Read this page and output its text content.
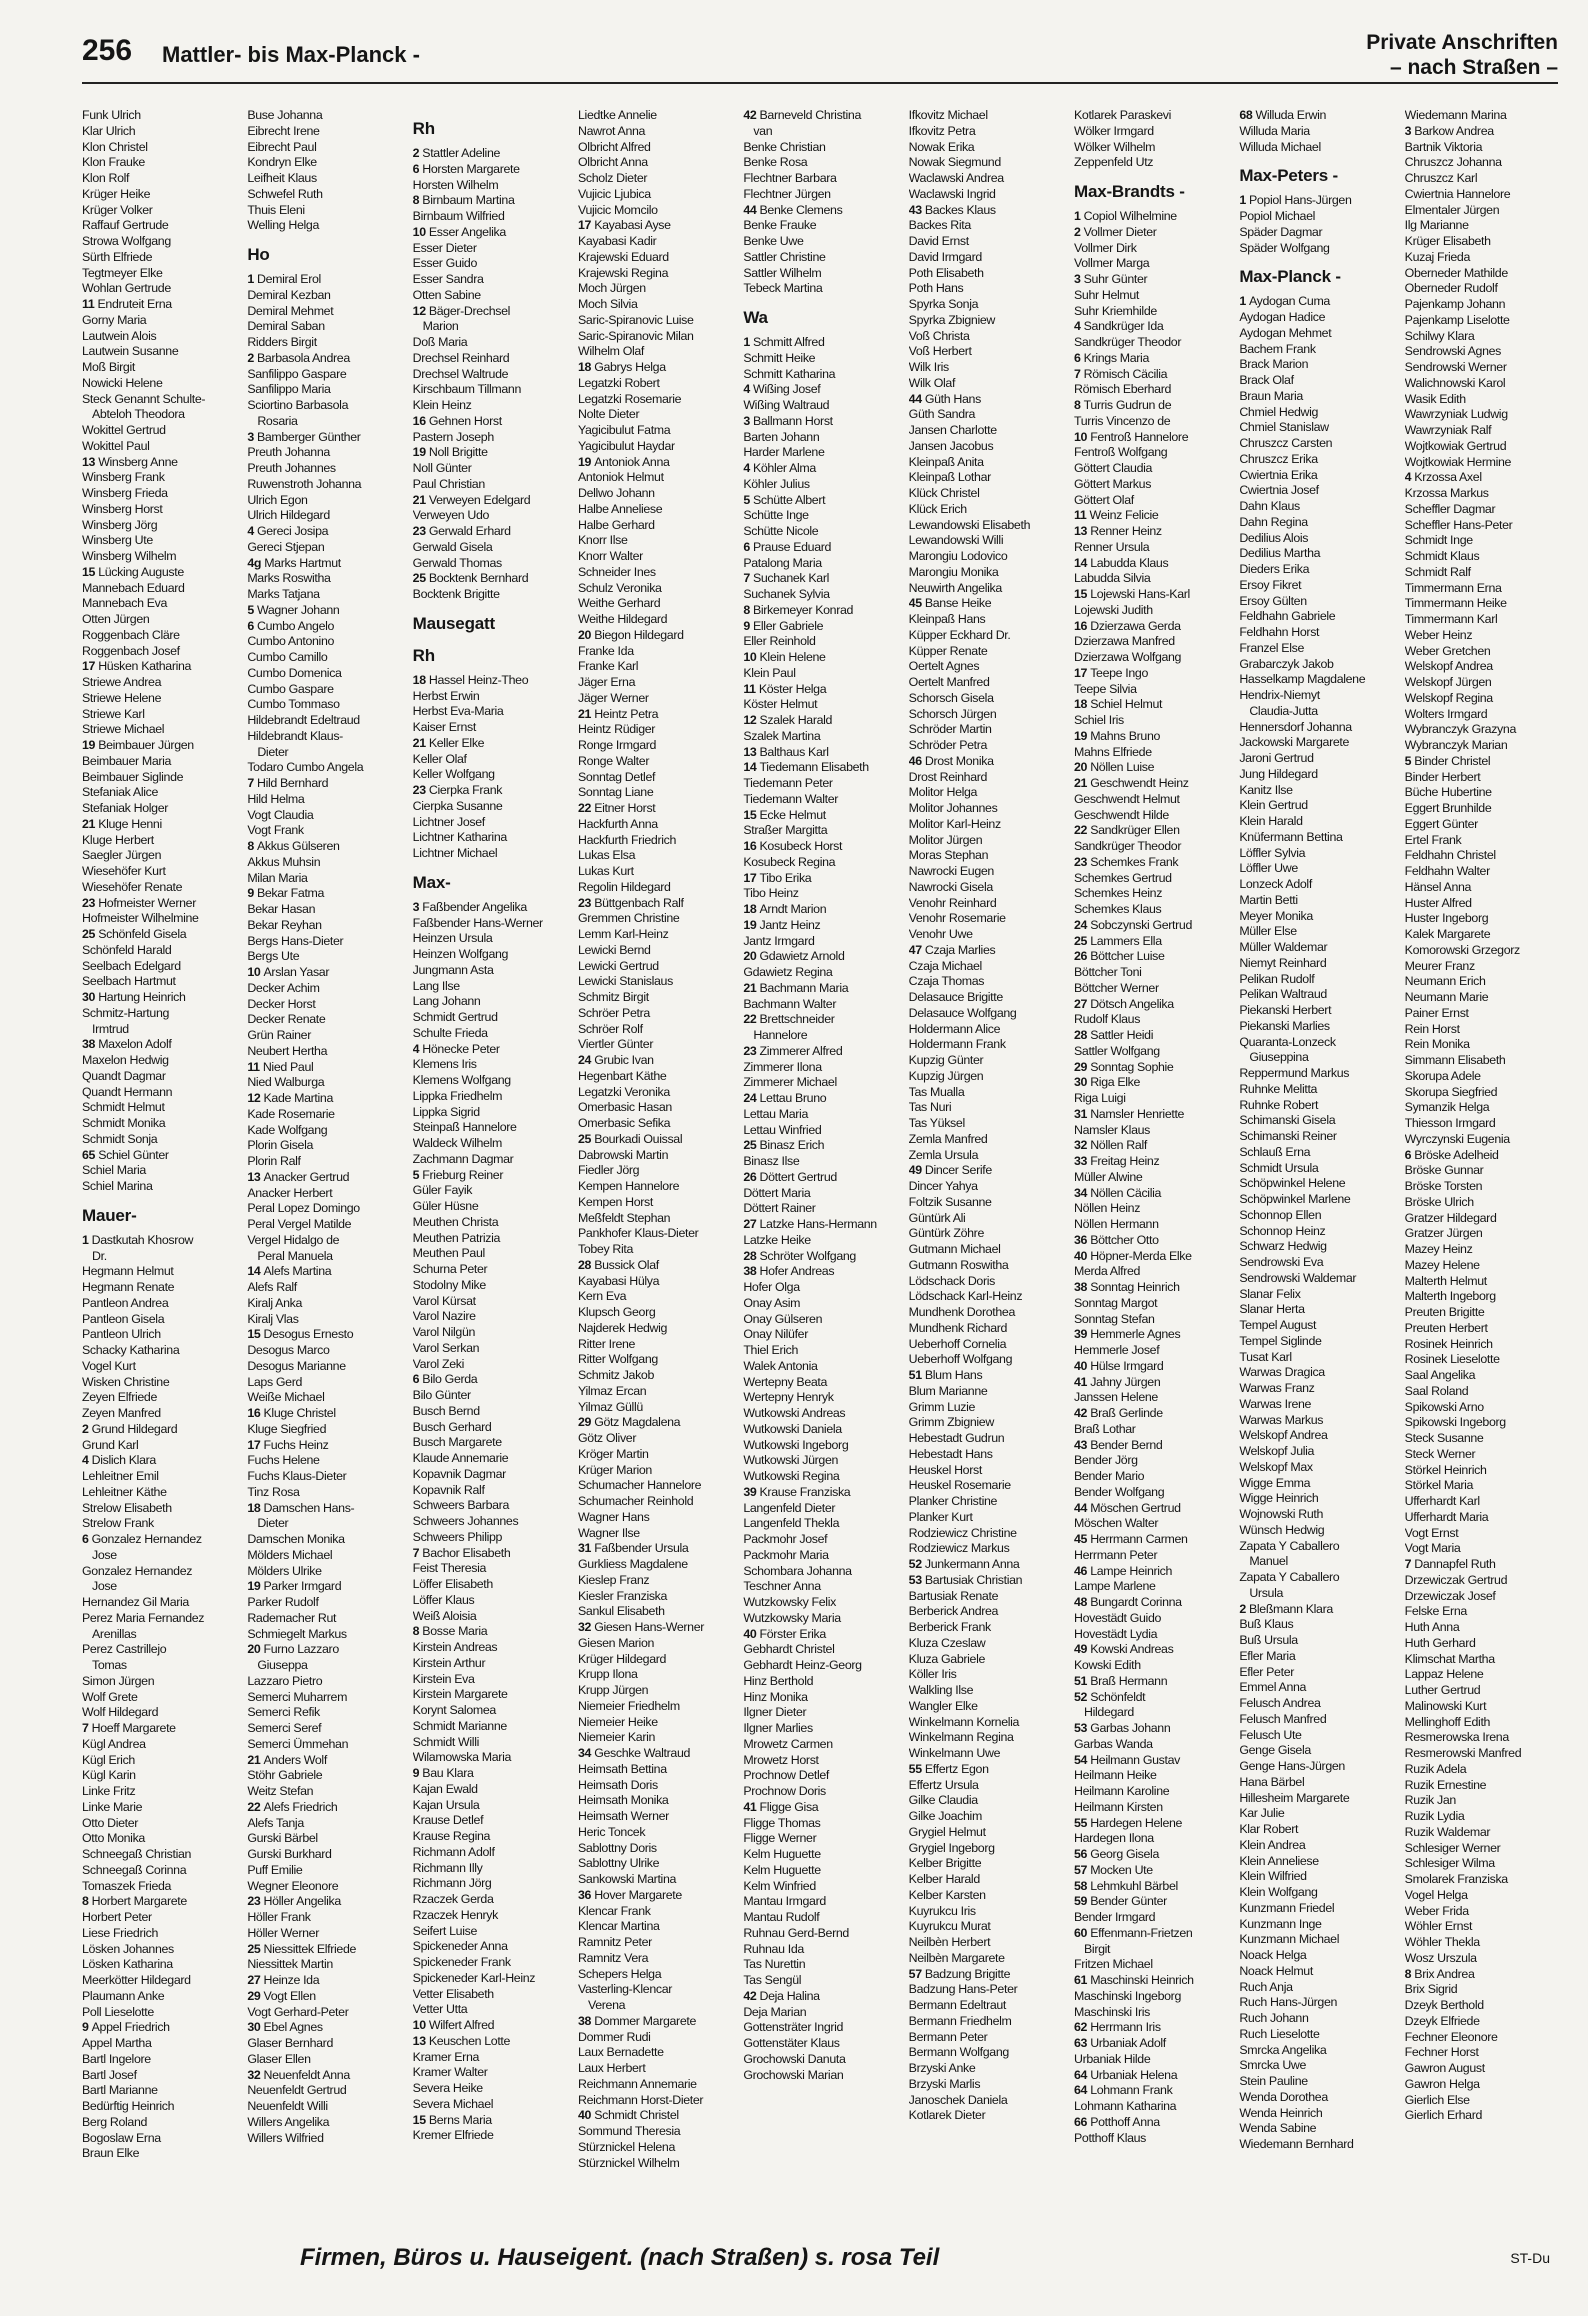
256 Mattler- bis Max-Planck -	Private Anschriften
– nach Straßen –
Funk Ulrich
Klar Ulrich
Klon Christel
Klon Frauke
Klon Rolf
Krüger Heike
Krüger Volker
Raffauf Gertrude
Strowa Wolfgang
Sürth Elfriede
Tegtmeyer Elke
Wohlan Gertrude
11 Endruteit Erna
Gorny Maria
Lautwein Alois
Lautwein Susanne
Moß Birgit
Nowicki Helene
Steck Genannt Schulte-
Abteloh Theodora
Wokittel Gertrud
Wokittel Paul
13 Winsberg Anne
Winsberg Frank
Winsberg Frieda
Winsberg Horst
Winsberg Jörg
Winsberg Ute
Winsberg Wilhelm
15 Lücking Auguste
Mannebach Eduard
Mannebach Eva
Otten Jürgen
Roggenbach Cläre
Roggenbach Josef
17 Hüsken Katharina
Striewe Andrea
Striewe Helene
Striewe Karl
Striewe Michael
19 Beimbauer Jürgen
Beimbauer Maria
Beimbauer Siglinde
Stefaniak Alice
Stefaniak Holger
21 Kluge Henni
Kluge Herbert
Saegler Jürgen
Wiesehöfer Kurt
Wiesehöfer Renate
23 Hofmeister Werner
Hofmeister Wilhelmine
25 Schönfeld Gisela
Schönfeld Harald
Seelbach Edelgard
Seelbach Hartmut
30 Hartung Heinrich
Schmitz-Hartung
Irmtrud
38 Maxelon Adolf
Maxelon Hedwig
Quandt Dagmar
Quandt Hermann
Schmidt Helmut
Schmidt Monika
Schmidt Sonja
65 Schiel Günter
Schiel Maria
Schiel Marina
Mauer-
1 Dastkutah Khosrow
Dr.
Hegmann Helmut
Hegmann Renate
Pantleon Andrea
Pantleon Gisela
Pantleon Ulrich
Schacky Katharina
Vogel Kurt
Wisken Christine
Zeyen Elfriede
Zeyen Manfred
2 Grund Hildegard
Grund Karl
4 Dislich Klara
Lehleitner Emil
Lehleitner Käthe
Strelow Elisabeth
Strelow Frank
6 Gonzalez Hernandez
Jose
Gonzalez Hernandez
Jose
Hernandez Gil Maria
Perez Maria Fernandez
Arenillas
Perez Castrillejo
Tomas
Simon Jürgen
Wolf Grete
Wolf Hildegard
7 Hoeff Margarete
Kügl Andrea
Kügl Erich
Kügl Karin
Linke Fritz
Linke Marie
Otto Dieter
Otto Monika
Schneegaß Christian
Schneegaß Corinna
Tomaszek Frieda
8 Horbert Margarete
Horbert Peter
Liese Friedrich
Lösken Johannes
Lösken Katharina
Meerkötter Hildegard
Plaumann Anke
Poll Lieselotte
9 Appel Friedrich
Appel Martha
Bartl Ingelore
Bartl Josef
Bartl Marianne
Bedürftig Heinrich
Berg Roland
Bogoslaw Erna
Braun Elke
Buse Johanna
Eibrecht Irene
Eibrecht Paul
Kondryn Elke
Leifheit Klaus
Schwefel Ruth
Thuis Eleni
Welling Helga
Ho
1 Demiral Erol
Demiral Kezban
Demiral Mehmet
Demiral Saban
Ridders Birgit
2 Barbasola Andrea
Sanfilippo Gaspare
Sanfilippo Maria
Sciortino Barbasola
Rosaria
3 Bamberger Günther
Preuth Johanna
Preuth Johannes
Ruwenstroth Johanna
Ulrich Egon
Ulrich Hildegard
4 Gereci Josipa
Gereci Stjepan
4g Marks Hartmut
Marks Roswitha
Marks Tatjana
5 Wagner Johann
6 Cumbo Angelo
Cumbo Antonino
Cumbo Camillo
Cumbo Domenica
Cumbo Gaspare
Cumbo Tommaso
Hildebrandt Edeltraud
Hildebrandt Klaus-
Dieter
Todaro Cumbo Angela
7 Hild Bernhard
Hild Helma
Vogt Claudia
Vogt Frank
8 Akkus Gülseren
Akkus Muhsin
Milan Maria
9 Bekar Fatma
Bekar Hasan
Bekar Reyhan
Bergs Hans-Dieter
Bergs Ute
10 Arslan Yasar
Decker Achim
Decker Horst
Decker Renate
Grün Rainer
Neubert Hertha
11 Nied Paul
Nied Walburga
12 Kade Martina
Kade Rosemarie
Kade Wolfgang
Plorin Gisela
Plorin Ralf
13 Anacker Gertrud
Anacker Herbert
Peral Lopez Domingo
Peral Vergel Matilde
Vergel Hidalgo de
Peral Manuela
14 Alefs Martina
Alefs Ralf
Kiralj Anka
Kiralj Vlas
15 Desogus Ernesto
Desogus Marco
Desogus Marianne
Laps Gerd
Weiße Michael
16 Kluge Christel
Kluge Siegfried
17 Fuchs Heinz
Fuchs Helene
Fuchs Klaus-Dieter
Tinz Rosa
18 Damschen Hans-
Dieter
Damschen Monika
Mölders Michael
Mölders Ulrike
19 Parker Irmgard
Parker Rudolf
Rademacher Rut
Schmiegelt Markus
20 Furno Lazzaro
Giuseppa
Lazzaro Pietro
Semerci Muharrem
Semerci Refik
Semerci Seref
Semerci Ümmehan
21 Anders Wolf
Stöhr Gabriele
Weitz Stefan
22 Alefs Friedrich
Alefs Tanja
Gurski Bärbel
Gurski Burkhard
Puff Emilie
Wegner Eleonore
23 Höller Angelika
Höller Frank
Höller Werner
25 Niessittek Elfriede
Niessittek Martin
27 Heinze Ida
29 Vogt Ellen
Vogt Gerhard-Peter
30 Ebel Agnes
Glaser Bernhard
Glaser Ellen
32 Neuenfeldt Anna
Neuenfeldt Gertrud
Neuenfeldt Willi
Willers Angelika
Willers Wilfried
Rh
2 Stattler Adeline
6 Horsten Margarete
Horsten Wilhelm
8 Birnbaum Martina
Birnbaum Wilfried
10 Esser Angelika
Esser Dieter
Esser Guido
Esser Sandra
Otten Sabine
12 Bäger-Drechsel
Marion
Doß Maria
Drechsel Reinhard
Drechsel Waltrude
Kirschbaum Tillmann
Klein Heinz
16 Gehnen Horst
Pastern Joseph
19 Noll Brigitte
Noll Günter
Paul Christian
21 Verweyen Edelgard
Verweyen Udo
23 Gerwald Erhard
Gerwald Gisela
Gerwald Thomas
25 Bocktenk Bernhard
Bocktenk Brigitte
Mausegatt
Rh
18 Hassel Heinz-Theo
Herbst Erwin
Herbst Eva-Maria
Kaiser Ernst
21 Keller Elke
Keller Olaf
Keller Wolfgang
23 Cierpka Frank
Cierpka Susanne
Lichtner Josef
Lichtner Katharina
Lichtner Michael
Max-
3 Faßbender Angelika
Faßbender Hans-Werner
Heinzen Ursula
Heinzen Wolfgang
Jungmann Asta
Lang Ilse
Lang Johann
Schmidt Gertrud
Schulte Frieda
4 Hönecke Peter
Klemens Iris
Klemens Wolfgang
Lippka Friedhelm
Lippka Sigrid
Steinpaß Hannelore
Waldeck Wilhelm
Zachmann Dagmar
5 Frieburg Reiner
Güler Fayik
Güler Hüsne
Meuthen Christa
Meuthen Patrizia
Meuthen Paul
Schurna Peter
Stodolny Mike
Varol Kürsat
Varol Nazire
Varol Nilgün
Varol Serkan
Varol Zeki
6 Bilo Gerda
Bilo Günter
Busch Bernd
Busch Gerhard
Busch Margarete
Klaude Annemarie
Kopavnik Dagmar
Kopavnik Ralf
Schweers Barbara
Schweers Johannes
Schweers Philipp
7 Bachor Elisabeth
Feist Theresia
Löffer Elisabeth
Löffer Klaus
Weiß Aloisia
8 Bosse Maria
Kirstein Andreas
Kirstein Arthur
Kirstein Eva
Kirstein Margarete
Korynt Salomea
Schmidt Marianne
Schmidt Willi
Wilamowska Maria
9 Bau Klara
Kajan Ewald
Kajan Ursula
Krause Detlef
Krause Regina
Richmann Adolf
Richmann Illy
Richmann Jörg
Rzaczek Gerda
Rzaczek Henryk
Seifert Luise
Spickeneder Anna
Spickeneder Frank
Spickeneder Karl-Heinz
Vetter Elisabeth
Vetter Utta
10 Wilfert Alfred
13 Keuschen Lotte
Kramer Erna
Kramer Walter
Severa Heike
Severa Michael
15 Berns Maria
Kremer Elfriede
Liedtke Annelie
Nawrot Anna
Olbricht Alfred
Olbricht Anna
Scholz Dieter
Vujicic Ljubica
Vujicic Momcilo
17 Kayabasi Ayse
Kayabasi Kadir
Krajewski Eduard
Krajewski Regina
Moch Jürgen
Moch Silvia
Saric-Spiranovic Luise
Saric-Spiranovic Milan
Wilhelm Olaf
18 Gabrys Helga
Legatzki Robert
Legatzki Rosemarie
Nolte Dieter
Yagicibulut Fatma
Yagicibulut Haydar
19 Antoniok Anna
Antoniok Helmut
Dellwo Johann
Halbe Anneliese
Halbe Gerhard
Knorr Ilse
Knorr Walter
Schneider Ines
Schulz Veronika
Weithe Gerhard
Weithe Hildegard
20 Biegon Hildegard
Franke Ida
Franke Karl
Jäger Erna
Jäger Werner
21 Heintz Petra
Heintz Rüdiger
Ronge Irmgard
Ronge Walter
Sonntag Detlef
Sonntag Liane
22 Eitner Horst
Hackfurth Anna
Hackfurth Friedrich
Lukas Elsa
Lukas Kurt
Regolin Hildegard
23 Büttgenbach Ralf
Gremmen Christine
Lemm Karl-Heinz
Lewicki Bernd
Lewicki Gertrud
Lewicki Stanislaus
Schmitz Birgit
Schröer Petra
Schröer Rolf
Viertler Günter
24 Grubic Ivan
Hegenbart Käthe
Legatzki Veronika
Omerbasic Hasan
Omerbasic Sefika
25 Bourkadi Ouissal
Dabrowski Martin
Fiedler Jörg
Kempen Hannelore
Kempen Horst
Meßfeldt Stephan
Pankhofer Klaus-Dieter
Tobey Rita
28 Bussick Olaf
Kayabasi Hülya
Kern Eva
Klupsch Georg
Najderek Hedwig
Ritter Irene
Ritter Wolfgang
Schmitz Jakob
Yilmaz Ercan
Yilmaz Güllü
29 Götz Magdalena
Götz Oliver
Kröger Martin
Krüger Marion
Schumacher Hannelore
Schumacher Reinhold
Wagner Hans
Wagner Ilse
31 Faßbender Ursula
Gurkliess Magdalene
Kieslер Franz
Kiesler Franziska
Sankul Elisabeth
32 Giesen Hans-Werner
Giesen Marion
Krüger Hildegard
Krupp Ilona
Krupp Jürgen
Niemeier Friedhelm
Niemeier Heike
Niemeier Karin
34 Geschke Waltraud
Heimsath Bettina
Heimsath Doris
Heimsath Monika
Heimsath Werner
Heric Toncek
Sablottny Doris
Sablottny Ulrike
Sankowski Martina
36 Hover Margarete
Klencar Frank
Klencar Martina
Ramnitz Peter
Ramnitz Vera
Schepers Helga
Vasterling-Klencar
Verena
38 Dommer Margarete
Dommer Rudi
Laux Bernadette
Laux Herbert
Reichmann Annemarie
Reichmann Horst-Dieter
40 Schmidt Christel
Sommund Theresia
Stürznickel Helena
Stürznickel Wilhelm
42 Barneveld Christina
van
Benke Christian
Benke Rosa
Flechtner Barbara
Flechtner Jürgen
44 Benke Clemens
Benke Frauke
Benke Uwe
Sattler Christine
Sattler Wilhelm
Tebeck Martina
Wa
1 Schmitt Alfred
Schmitt Heike
Schmitt Katharina
4 Wißing Josef
Wißing Waltraud
3 Ballmann Horst
Barten Johann
Harder Marlene
4 Köhler Alma
Köhler Julius
5 Schütte Albert
Schütte Inge
Schütte Nicole
6 Prause Eduard
Patalong Maria
7 Suchanek Karl
Suchanek Sylvia
8 Birkemeyer Konrad
9 Eller Gabriele
Eller Reinhold
10 Klein Helene
Klein Paul
11 Köster Helga
Köster Helmut
12 Szalek Harald
Szalek Martina
13 Balthaus Karl
14 Tiedemann Elisabeth
Tiedemann Peter
Tiedemann Walter
15 Ecke Helmut
Straßer Margitta
16 Kosubeck Horst
Kosubeck Regina
17 Tibo Erika
Tibo Heinz
18 Arndt Marion
19 Jantz Heinz
Jantz Irmgard
20 Gdawietz Arnold
Gdawietz Regina
21 Bachmann Maria
Bachmann Walter
22 Brettschneider
Hannelore
23 Zimmerer Alfred
Zimmerer Ilona
Zimmerer Michael
24 Lettau Bruno
Lettau Maria
Lettau Winfried
25 Binasz Erich
Binasz Ilse
26 Döttert Gertrud
Döttert Maria
Döttert Rainer
27 Latzke Hans-Hermann
Latzke Heike
28 Schröter Wolfgang
38 Hofer Andreas
Hofer Olga
Onay Asim
Onay Gülseren
Onay Nilüfer
Thiel Erich
Walek Antonia
Wertepny Beata
Wertepny Henryk
Wutkowski Andreas
Wutkowski Daniela
Wutkowski Ingeborg
Wutkowski Jürgen
Wutkowski Regina
39 Krause Franziska
Langenfeld Dieter
Langenfeld Thekla
Packmohr Josef
Packmohr Maria
Schombara Johanna
Teschner Anna
Wutzkowsky Felix
Wutzkowsky Maria
40 Förster Erika
Gebhardt Christel
Gebhardt Heinz-Georg
Hinz Berthold
Hinz Monika
Ilgner Dieter
Ilgner Marlies
Mrowetz Carmen
Mrowetz Horst
Prochnow Detlef
Prochnow Doris
41 Fligge Gisa
Fligge Thomas
Fligge Werner
Kelm Huguette
Kelm Huguette
Kelm Winfried
Mantau Irmgard
Mantau Rudolf
Ruhnau Gerd-Bernd
Ruhnau Ida
Tas Nurettin
Tas Sengül
42 Deja Halina
Deja Marian
Gottensträter Ingrid
Gottenstäter Klaus
Grochowski Danuta
Grochowski Marian
Ifkovitz Michael
Ifkovitz Petra
Nowak Erika
Nowak Siegmund
Waclawski Andrea
Waclawski Ingrid
43 Backes Klaus
Backes Rita
David Ernst
David Irmgard
Poth Elisabeth
Poth Hans
Spyrka Sonja
Spyrka Zbigniew
Voß Christa
Voß Herbert
Wilk Iris
Wilk Olaf
44 Güth Hans
Güth Sandra
Jansen Charlotte
Jansen Jacobus
Kleinpaß Anita
Kleinpaß Lothar
Klück Christel
Klück Erich
Lewandowski Elisabeth
Lewandowski Willi
Marongiu Lodovico
Marongiu Monika
Neuwirth Angelika
45 Banse Heike
Kleinpaß Hans
Küpper Eckhard Dr.
Küpper Renate
Oertelt Agnes
Oertelt Manfred
Schorsch Gisela
Schorsch Jürgen
Schröder Martin
Schröder Petra
46 Drost Monika
Drost Reinhard
Molitor Helga
Molitor Johannes
Molitor Karl-Heinz
Molitor Jürgen
Moras Stephan
Nawrocki Eugen
Nawrocki Gisela
Venohr Reinhard
Venohr Rosemarie
Venohr Uwe
47 Czaja Marlies
Czaja Michael
Czaja Thomas
Delasauce Brigitte
Delasauce Wolfgang
Holdermann Alice
Holdermann Frank
Kupzig Günter
Kupzig Jürgen
Tas Mualla
Tas Nuri
Tas Yüksel
Zemla Manfred
Zemla Ursula
49 Dincer Serife
Dincer Yahya
Foltzik Susanne
Güntürk Ali
Güntürk Zöhre
Gutmann Michael
Gutmann Roswitha
Lödschack Doris
Lödschack Karl-Heinz
Mundhenk Dorothea
Mundhenk Richard
Ueberhoff Cornelia
Ueberhoff Wolfgang
51 Blum Hans
Blum Marianne
Grimm Luzie
Grimm Zbigniew
Hebestadt Gudrun
Hebestadt Hans
Heuskel Horst
Heuskel Rosemarie
Planker Christine
Planker Kurt
Rodziewicz Christine
Rodziewicz Markus
52 Junkermann Anna
53 Bartusiak Christian
Bartusiak Renate
Berberick Andrea
Berberick Frank
Kluza Czeslaw
Kluza Gabriele
Köller Iris
Walkling Ilse
Wangler Elke
Winkelmann Kornelia
Winkelmann Regina
Winkelmann Uwe
55 Effertz Egon
Effertz Ursula
Gilke Claudia
Gilke Joachim
Grygiel Helmut
Grygiel Ingeborg
Kelber Brigitte
Kelber Harald
Kelber Karsten
Kuyrukcu Iris
Kuyrukcu Murat
Neilbèn Herbert
Neilbèn Margarete
57 Badzung Brigitte
Badzung Hans-Peter
Bermann Edeltraut
Bermann Friedhelm
Bermann Peter
Bermann Wolfgang
Brzyski Anke
Brzyski Marlis
Janoschek Daniela
Kotlarek Dieter
Kotlarek Paraskevi
Wölker Irmgard
Wölker Wilhelm
Zeppenfeld Utz
Max-Brandts -
1 Copiol Wilhelmine
2 Vollmer Dieter
Vollmer Dirk
Vollmer Marga
3 Suhr Günter
Suhr Helmut
Suhr Kriemhilde
4 Sandkrüger Ida
Sandkrüger Theodor
6 Krings Maria
7 Römisch Cäcilia
Römisch Eberhard
8 Turris Gudrun de
Turris Vincenzo de
10 Fentroß Hannelore
Fentroß Wolfgang
Göttert Claudia
Göttert Markus
Göttert Olaf
11 Weinz Felicie
13 Renner Heinz
Renner Ursula
14 Labudda Klaus
Labudda Silvia
15 Lojewski Hans-Karl
Lojewski Judith
16 Dzierzawa Gerda
Dzierzawa Manfred
Dzierzawa Wolfgang
17 Teepe Ingo
Teepe Silvia
18 Schiel Helmut
Schiel Iris
19 Mahns Bruno
Mahns Elfriede
20 Nöllen Luise
21 Geschwendt Heinz
Geschwendt Helmut
Geschwendt Hilde
22 Sandkrüger Ellen
Sandkrüger Theodor
23 Schemkes Frank
Schemkes Gertrud
Schemkes Heinz
Schemkes Klaus
24 Sobczynski Gertrud
25 Lammers Ella
26 Böttcher Luise
Böttcher Toni
Böttcher Werner
27 Dötsch Angelika
Rudolf Klaus
28 Sattler Heidi
Sattler Wolfgang
29 Sonntag Sophie
30 Riga Elke
Riga Luigi
31 Namsler Henriette
Namsler Klaus
32 Nöllen Ralf
33 Freitag Heinz
Müller Alwine
34 Nöllen Cäcilia
Nöllen Heinz
Nöllen Hermann
36 Böttcher Otto
40 Höpner-Merda Elke
Merda Alfred
38 Sonntag Heinrich
Sonntag Margot
Sonntag Stefan
39 Hemmerle Agnes
Hemmerle Josef
40 Hülse Irmgard
41 Jahny Jürgen
Janssen Helene
42 Braß Gerlinde
Braß Lothar
43 Bender Bernd
Bender Jörg
Bender Mario
Bender Wolfgang
44 Möschen Gertrud
Möschen Walter
45 Herrmann Carmen
Herrmann Peter
46 Lampe Heinrich
Lampe Marlene
48 Bungardt Corinna
Hovestädt Guido
Hovestädt Lydia
49 Kowski Andreas
Kowski Edith
51 Braß Hermann
52 Schönfeldt
Hildegard
53 Garbas Johann
Garbas Wanda
54 Heilmann Gustav
Heilmann Heike
Heilmann Karoline
Heilmann Kirsten
55 Hardegen Helene
Hardegen Ilona
56 Georg Gisela
57 Mocken Ute
58 Lehmkuhl Bärbel
59 Bender Günter
Bender Irmgard
60 Effenmann-Frietzen
Birgit
Fritzen Michael
61 Maschinski Heinrich
Maschinski Ingeborg
Maschinski Iris
62 Herrmann Iris
63 Urbaniak Adolf
Urbaniak Hilde
64 Urbaniak Helena
64 Lohmann Frank
Lohmann Katharina
66 Potthoff Anna
Potthoff Klaus
68 Willuda Erwin
Willuda Maria
Willuda Michael
Max-Peters -
1 Popiol Hans-Jürgen
Popiol Michael
Späder Dagmar
Späder Wolfgang
Max-Planck -
1 Aydogan Cuma
Aydogan Hadice
Aydogan Mehmet
Bachem Frank
Brack Marion
Brack Olaf
Braun Maria
Chmiel Hedwig
Chmiel Stanislaw
Chruszcz Carsten
Chruszcz Erika
Cwiertnia Erika
Cwiertnia Josef
Dahn Klaus
Dahn Regina
Dedilius Alois
Dedilius Martha
Dieders Erika
Ersoy Fikret
Ersoy Gülten
Feldhahn Gabriele
Feldhahn Horst
Franzel Else
Grabarczyk Jakob
Hasselkamp Magdalene
Hendrix-Niemyt
Claudia-Jutta
Hennersdorf Johanna
Jackowski Margarete
Jaroni Gertrud
Jung Hildegard
Kanitz Ilse
Klein Gertrud
Klein Harald
Knüfermann Bettina
Löffler Sylvia
Löffler Uwe
Lonzeck Adolf
Martin Betti
Meyer Monika
Müller Else
Müller Waldemar
Niemyt Reinhard
Pelikan Rudolf
Pelikan Waltraud
Piekanski Herbert
Piekanski Marlies
Quaranta-Lonzeck
Giuseppina
Reppermund Markus
Ruhnke Melitta
Ruhnke Robert
Schimanski Gisela
Schimanski Reiner
Schlauß Erna
Schmidt Ursula
Schöpwinkel Helene
Schöpwinkel Marlene
Schonnop Ellen
Schonnop Heinz
Schwarz Hedwig
Sendrowski Eva
Sendrowski Waldemar
Slanar Felix
Slanar Herta
Tempel August
Tempel Siglinde
Tusat Karl
Warwas Dragica
Warwas Franz
Warwas Irene
Warwas Markus
Welskopf Andrea
Welskopf Julia
Welskopf Max
Wigge Emma
Wigge Heinrich
Wojnowski Ruth
Wünsch Hedwig
Zapata Y Caballero
Manuel
Zapata Y Caballero
Ursula
2 Bleßmann Klara
Buß Klaus
Buß Ursula
Efler Maria
Efler Peter
Emmel Anna
Felusch Andrea
Felusch Manfred
Felusch Ute
Genge Gisela
Genge Hans-Jürgen
Hana Bärbel
Hillesheim Margarete
Kar Julie
Klar Robert
Klein Andrea
Klein Anneliese
Klein Wilfried
Klein Wolfgang
Kunzmann Friedel
Kunzmann Inge
Kunzmann Michael
Noack Helga
Noack Helmut
Ruch Anja
Ruch Hans-Jürgen
Ruch Johann
Ruch Lieselotte
Smrcka Angelika
Smrcka Uwe
Stein Pauline
Wenda Dorothea
Wenda Heinrich
Wenda Sabine
Wiedemann Bernhard
Wiedemann Marina
3 Barkow Andrea
Bartnik Viktoria
Chruszcz Johanna
Chruszcz Karl
Cwiertnia Hannelore
Elmentaler Jürgen
Ilg Marianne
Krüger Elisabeth
Kuzaj Frieda
Oberneder Mathilde
Oberneder Rudolf
Pajenkamp Johann
Pajenkamp Liselotte
Schilwy Klara
Sendrowski Agnes
Sendrowski Werner
Walichnowski Karol
Wasik Edith
Wawrzyniak Ludwig
Wawrzyniak Ralf
Wojtkowiak Gertrud
Wojtkowiak Hermine
4 Krzossa Axel
Krzossa Markus
Scheffler Dagmar
Scheffler Hans-Peter
Schmidt Inge
Schmidt Klaus
Schmidt Ralf
Timmermann Erna
Timmermann Heike
Timmermann Karl
Weber Heinz
Weber Gretchen
Welskopf Andrea
Welskopf Jürgen
Welskopf Regina
Wolters Irmgard
Wybranczyk Grazyna
Wybranczyk Marian
5 Binder Christel
Binder Herbert
Büche Hubertine
Eggert Brunhilde
Eggert Günter
Ertel Frank
Feldhahn Christel
Feldhahn Walter
Hänsel Anna
Huster Alfred
Huster Ingeborg
Kalek Margarete
Komorowski Grzegorz
Meurer Franz
Neumann Erich
Neumann Marie
Painer Ernst
Rein Horst
Rein Monika
Simmann Elisabeth
Skorupa Adele
Skorupa Siegfried
Symanzik Helga
Thiesson Irmgard
Wyrczynski Eugenia
6 Bröske Adelheid
Bröske Gunnar
Bröske Torsten
Bröske Ulrich
Gratzer Hildegard
Gratzer Jürgen
Mazey Heinz
Mazey Helene
Malterth Helmut
Malterth Ingeborg
Preuten Brigitte
Preuten Herbert
Rosinek Heinrich
Rosinek Lieselotte
Saal Angelika
Saal Roland
Spikowski Arno
Spikowski Ingeborg
Steck Susanne
Steck Werner
Störkel Heinrich
Störkel Maria
Ufferhardt Karl
Ufferhardt Maria
Vogt Ernst
Vogt Maria
7 Dannapfel Ruth
Drzewiczak Gertrud
Drzewiczak Josef
Felske Erna
Huth Anna
Huth Gerhard
Klimschat Martha
Lappaz Helene
Luther Gertrud
Malinowski Kurt
Mellinghoff Edith
Resmerowska Irena
Resmerowski Manfred
Ruzik Adela
Ruzik Ernestine
Ruzik Jan
Ruzik Lydia
Ruzik Waldemar
Schlesiger Werner
Schlesiger Wilma
Smolarek Franziska
Vogel Helga
Weber Frida
Wöhler Ernst
Wöhler Thekla
Wosz Urszula
8 Brix Andrea
Brix Sigrid
Dzeyk Berthold
Dzeyk Elfriede
Fechner Eleonore
Fechner Horst
Gawron August
Gawron Helga
Gierlich Else
Gierlich Erhard
Firmen, Büros u. Hauseigent. (nach Straßen) s. rosa Teil	ST-Du
